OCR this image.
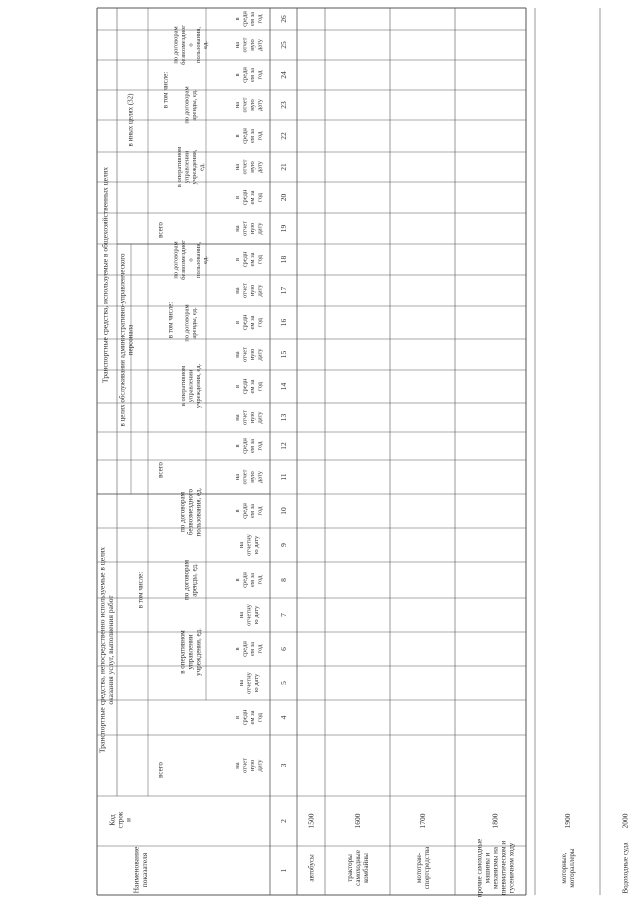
Наименование показателя
Код строк и
Транспортные средства, непосредственно используемые в целях оказания услуг, выполнения работ
Транспортные средства, используемые в общехозяйственных целях в целях обслуживания административно-управленческого персонала
в иных целях (32)
всего
в том числе:
всего
в том числе:
всего
в том числе:
в оперативном управлении учреждения, ед.
по договорам аренды, ед.
по договорам безвозмездного пользования, ед.
в оперативном управлении учреждения, ед.
по договорам аренды, ед.
по договорам безвозмездног о пользования, ед.
в оперативном управлении учреждения, ед.
по договорам аренды, ед.
по договорам безвозмездног о пользования, ед.
на отчет ную дату
в средн ем за год
на отчетну ю дату
в средн ем за год
на отчетну ю дату
в средн ем за год
на отчетну ю дату
в средн ем за год
на отчет ную дату
в средн ем за год
на отчет ную дату
в средн ем за год
на отчет ную дату
в средн ем за год
на отчет ную дату
в средн ем за год
на отчет ную дату
в средн ем за год
на отчет ную дату
в средн ем за год
на отчет ную дату
в средн ем за год
на отчет ную дату
в средн ем за год
1
2
3
4
5
6
7
8
9
10
11
12
13
14
15
16
17
18
19
20
21
22
23
24
25
26
автобусы
1500
тракторы самоходные комбайны
1600
мототран- спортсредства
1700
прочие самоходные машины и механизмы на пневматическом и гусеничном ходу
1800
моторные, мотораллеры
1900
Водоходные суда
2000
